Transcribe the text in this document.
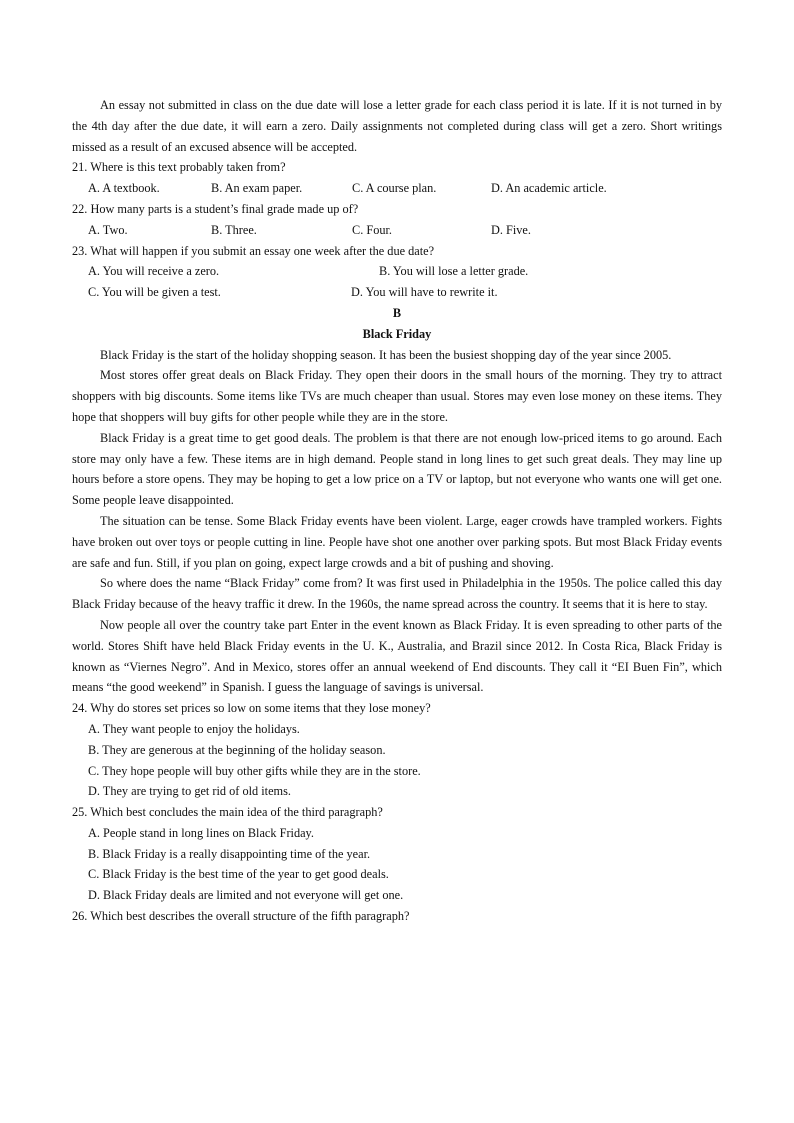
An essay not submitted in class on the due date will lose a letter grade for each class period it is late. If it is not turned in by the 4th day after the due date, it will earn a zero. Daily assignments not completed during class will get a zero. Short writings missed as a result of an excused absence will be accepted.

21. Where is this text probably taken from?

A. A textbook.	B. An exam paper.	C. A course plan.	D. An academic article.

22. How many parts is a student’s final grade made up of?

A. Two.	B. Three.	C. Four.	D. Five.

23. What will happen if you submit an essay one week after the due date?

A. You will receive a zero.	B. You will lose a letter grade.
C. You will be given a test.	D. You will have to rewrite it.

B

Black Friday

Black Friday is the start of the holiday shopping season. It has been the busiest shopping day of the year since 2005.

Most stores offer great deals on Black Friday. They open their doors in the small hours of the morning. They try to attract shoppers with big discounts. Some items like TVs are much cheaper than usual. Stores may even lose money on these items. They hope that shoppers will buy gifts for other people while they are in the store.

Black Friday is a great time to get good deals. The problem is that there are not enough low-priced items to go around. Each store may only have a few. These items are in high demand. People stand in long lines to get such great deals. They may line up hours before a store opens. They may be hoping to get a low price on a TV or laptop, but not everyone who wants one will get one. Some people leave disappointed.

The situation can be tense. Some Black Friday events have been violent. Large, eager crowds have trampled workers. Fights have broken out over toys or people cutting in line. People have shot one another over parking spots. But most Black Friday events are safe and fun. Still, if you plan on going, expect large crowds and a bit of pushing and shoving.

So where does the name “Black Friday” come from? It was first used in Philadelphia in the 1950s. The police called this day Black Friday because of the heavy traffic it drew. In the 1960s, the name spread across the country. It seems that it is here to stay.

Now people all over the country take part Enter in the event known as Black Friday. It is even spreading to other parts of the world. Stores Shift have held Black Friday events in the U. K., Australia, and Brazil since 2012. In Costa Rica, Black Friday is known as “Viernes Negro”. And in Mexico, stores offer an annual weekend of End discounts. They call it “EI Buen Fin”, which means “the good weekend” in Spanish. I guess the language of savings is universal.

24. Why do stores set prices so low on some items that they lose money?

A. They want people to enjoy the holidays.

B. They are generous at the beginning of the holiday season.

C. They hope people will buy other gifts while they are in the store.

D. They are trying to get rid of old items.

25. Which best concludes the main idea of the third paragraph?

A. People stand in long lines on Black Friday.

B. Black Friday is a really disappointing time of the year.

C. Black Friday is the best time of the year to get good deals.

D. Black Friday deals are limited and not everyone will get one.

26. Which best describes the overall structure of the fifth paragraph?
